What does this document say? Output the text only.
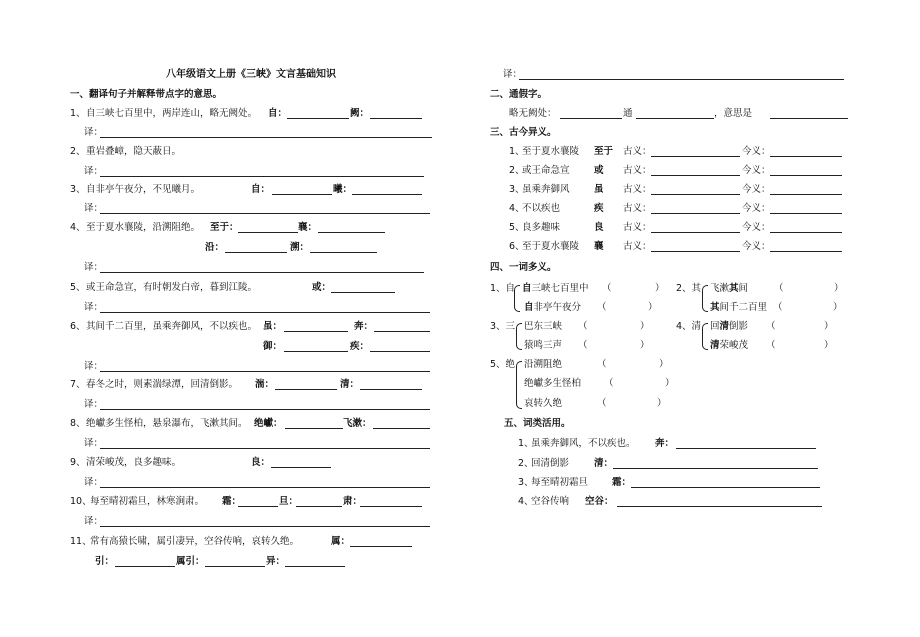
八年级语文上册《三峡》文言基础知识
一、翻译句子并解释带点字的意思。
1、 自三峡七百里中，两岸连山，略无阙处。 自：	阙：
译：
2、 重岩叠嶂，隐天蔽日。
译：
3、 自非亭午夜分，不见曦月。	自：	曦：
译：
4、 至于夏水襄陵，沿溯阻绝。 至于：	襄：
沿：	溯：
译：
5、 或王命急宣，有时朝发白帝，暮到江陵。	或：
译：
6、 其间千二百里，虽乘奔御风，不以疾也。 虽：	奔：
御：	疾：
译：
7、 春冬之时，则素湍绿潭，回清倒影。 湍：	清：
译：
8、 绝巘多生怪柏，悬泉瀑布，飞漱其间。 绝巘：	飞漱：
译：
9、 清荣峻茂，良多趣味。	良：
译：
10、
每至晴初霜旦，林寒涧肃。 霜：	旦：	肃：
译：
11、
常有高猿长啸，属引凄异，空谷传响，哀转久绝。	属：
引：	属引：	异：
译：
二、通假字。
略无阙处：	通	，意思是
三、古今异义。
1、
至于夏水襄陵 至于 古义：	今义：
2、
或王命急宣	或 古义：	今义：
3、
虽乘奔御风	虽 古义：	今义：
4、
不以疾也	疾 古义：	今义：
5、
良多趣味	良 古义：	今义：
6、
至于夏水襄陵 襄 古义：	今义：
四、一词多义。
1、自 自三峡七百里中 （	）
自非亭午夜分 （	）
2、其 飞漱其间	（	）
其间千二百里 （	）
3、三 巴东三峡 （	）
猿鸣三声 （	）
4、清 回清倒影 （	）
清荣峻茂 （	）
5、绝 沿溯阻绝	（	）
绝巘多生怪柏 （	）
哀转久绝	（	）
五、词类活用。
1、
虽乘奔御风，不以疾也。 奔：
2、
回清倒影	清：
3、
每至晴初霜旦	霜：
4、
空谷传响 空谷：
